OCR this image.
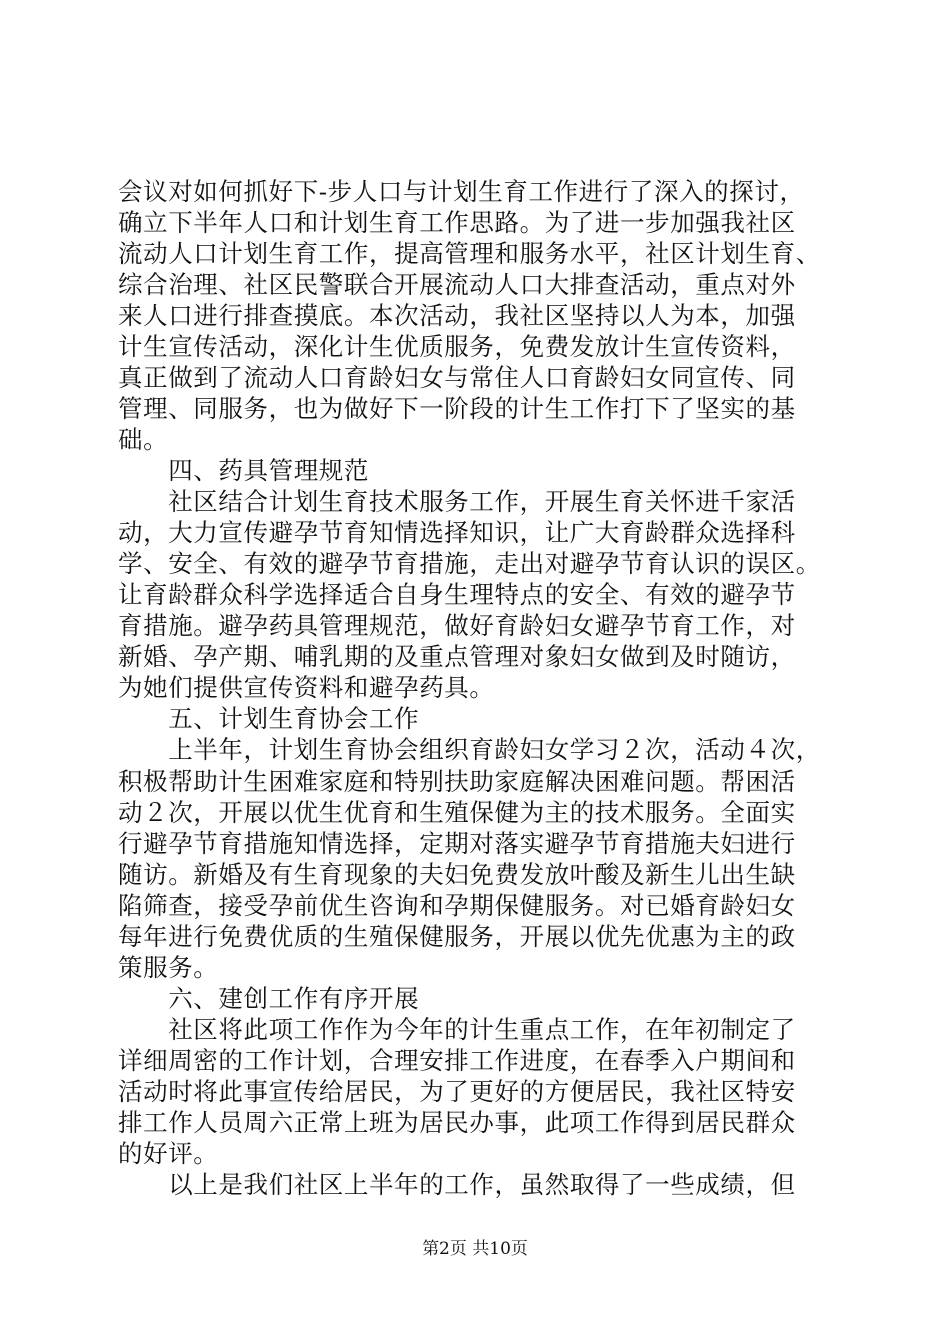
会议对如何抓好下-步人口与计划生育工作进行了深入的探讨，
确立下半年人口和计划生育工作思路。为了进一步加强我社区
流动人口计划生育工作，提高管理和服务水平，社区计划生育、
综合治理、社区民警联合开展流动人口大排查活动，重点对外
来人口进行排查摸底。本次活动，我社区坚持以人为本，加强
计生宣传活动，深化计生优质服务，免费发放计生宣传资料，
真正做到了流动人口育龄妇女与常住人口育龄妇女同宣传、同
管理、同服务，也为做好下一阶段的计生工作打下了坚实的基
础。
　　四、药具管理规范
　　社区结合计划生育技术服务工作，开展生育关怀进千家活
动，大力宣传避孕节育知情选择知识，让广大育龄群众选择科
学、安全、有效的避孕节育措施，走出对避孕节育认识的误区。
让育龄群众科学选择适合自身生理特点的安全、有效的避孕节
育措施。避孕药具管理规范，做好育龄妇女避孕节育工作，对
新婚、孕产期、哺乳期的及重点管理对象妇女做到及时随访，
为她们提供宣传资料和避孕药具。
　　五、计划生育协会工作
　　上半年，计划生育协会组织育龄妇女学习２次，活动４次，
积极帮助计生困难家庭和特别扶助家庭解决困难问题。帮困活
动２次，开展以优生优育和生殖保健为主的技术服务。全面实
行避孕节育措施知情选择，定期对落实避孕节育措施夫妇进行
随访。新婚及有生育现象的夫妇免费发放叶酸及新生儿出生缺
陷筛查，接受孕前优生咨询和孕期保健服务。对已婚育龄妇女
每年进行免费优质的生殖保健服务，开展以优先优惠为主的政
策服务。
　　六、建创工作有序开展
　　社区将此项工作作为今年的计生重点工作，在年初制定了
详细周密的工作计划，合理安排工作进度，在春季入户期间和
活动时将此事宣传给居民，为了更好的方便居民，我社区特安
排工作人员周六正常上班为居民办事，此项工作得到居民群众
的好评。
　　以上是我们社区上半年的工作，虽然取得了一些成绩，但
第2页 共10页
